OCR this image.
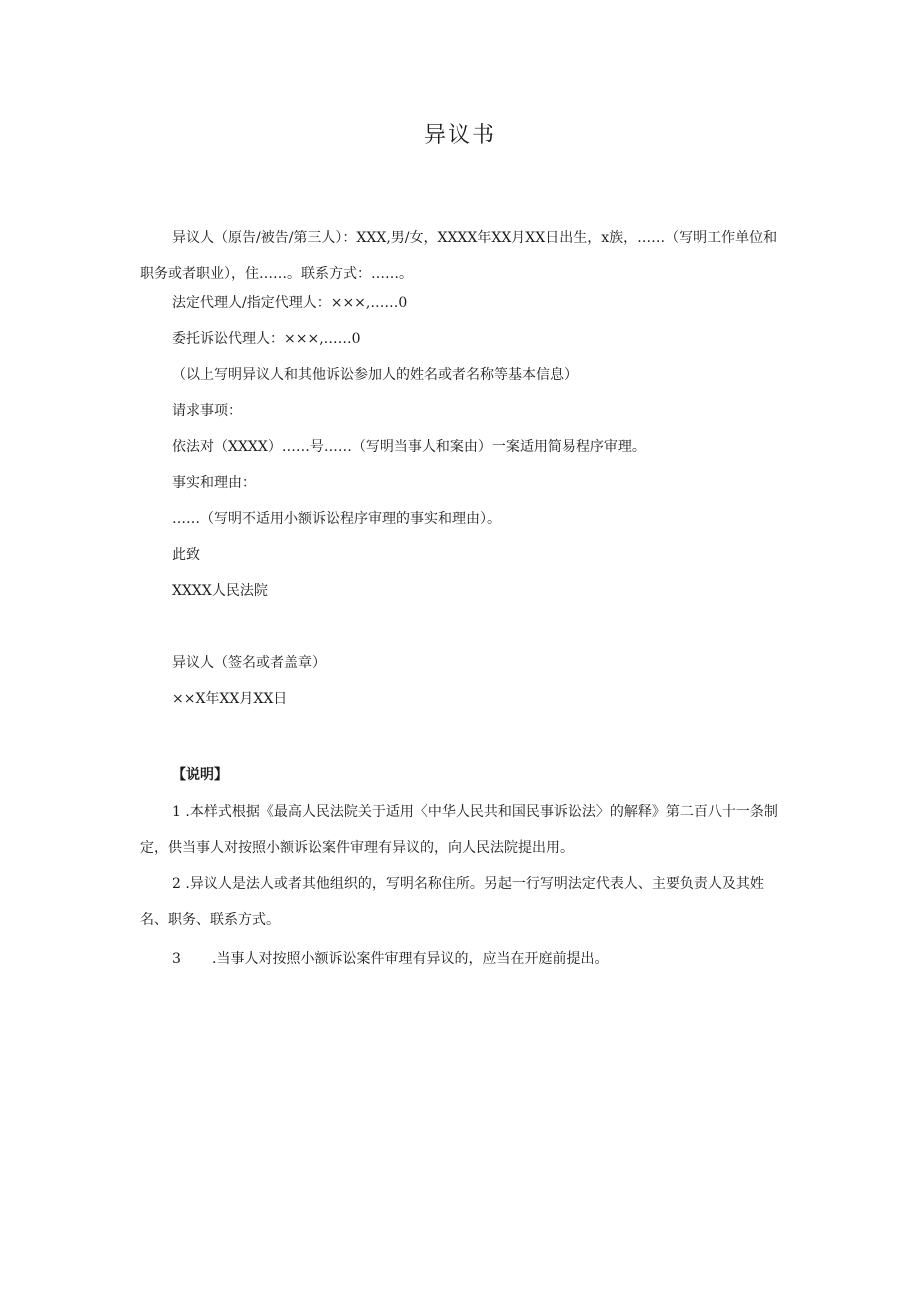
异议书
异议人（原告/被告/第三人）：XXX,男/女，XXXX年XX月XX日出生，x族，……（写明工作单位和职务或者职业），住……。联系方式：……。
法定代理人/指定代理人：×××,……0
委托诉讼代理人：×××,……0
（以上写明异议人和其他诉讼参加人的姓名或者名称等基本信息）
请求事项：
依法对（XXXX）……号……（写明当事人和案由）一案适用简易程序审理。
事实和理由：
……（写明不适用小额诉讼程序审理的事实和理由）。
此致
XXXX人民法院
异议人（签名或者盖章）
××X年XX月XX日
【说明】
1 .本样式根据《最高人民法院关于适用〈中华人民共和国民事诉讼法〉的解释》第二百八十一条制定，供当事人对按照小额诉讼案件审理有异议的，向人民法院提出用。
2 .异议人是法人或者其他组织的，写明名称住所。另起一行写明法定代表人、主要负责人及其姓名、职务、联系方式。
3 .当事人对按照小额诉讼案件审理有异议的，应当在开庭前提出。
